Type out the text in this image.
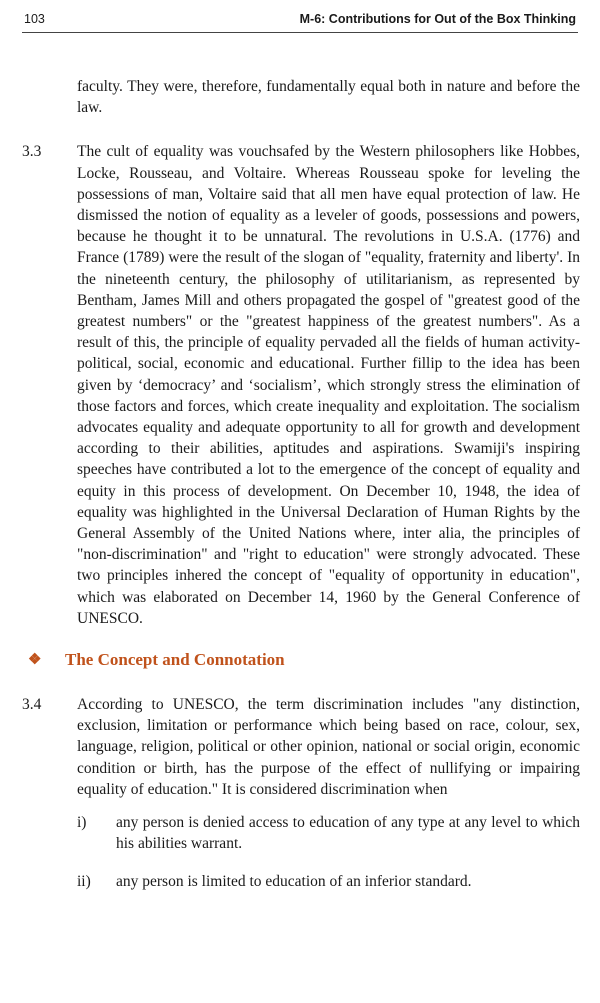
103	M-6: Contributions for Out of the Box Thinking
faculty. They were, therefore, fundamentally equal both in nature and before the law.
3.3 The cult of equality was vouchsafed by the Western philosophers like Hobbes, Locke, Rousseau, and Voltaire. Whereas Rousseau spoke for leveling the possessions of man, Voltaire said that all men have equal protection of law. He dismissed the notion of equality as a leveler of goods, possessions and powers, because he thought it to be unnatural. The revolutions in U.S.A. (1776) and France (1789) were the result of the slogan of "equality, fraternity and liberty'. In the nineteenth century, the philosophy of utilitarianism, as represented by Bentham, James Mill and others propagated the gospel of "greatest good of the greatest numbers" or the "greatest happiness of the greatest numbers". As a result of this, the principle of equality pervaded all the fields of human activity-political, social, economic and educational. Further fillip to the idea has been given by ‘democracy’ and ‘socialism’, which strongly stress the elimination of those factors and forces, which create inequality and exploitation. The socialism advocates equality and adequate opportunity to all for growth and development according to their abilities, aptitudes and aspirations. Swamiji's inspiring speeches have contributed a lot to the emergence of the concept of equality and equity in this process of development. On December 10, 1948, the idea of equality was highlighted in the Universal Declaration of Human Rights by the General Assembly of the United Nations where, inter alia, the principles of "non-discrimination" and "right to education" were strongly advocated. These two principles inhered the concept of "equality of opportunity in education", which was elaborated on December 14, 1960 by the General Conference of UNESCO.
❖ The Concept and Connotation
3.4 According to UNESCO, the term discrimination includes "any distinction, exclusion, limitation or performance which being based on race, colour, sex, language, religion, political or other opinion, national or social origin, economic condition or birth, has the purpose of the effect of nullifying or impairing equality of education." It is considered discrimination when
i) any person is denied access to education of any type at any level to which his abilities warrant.
ii) any person is limited to education of an inferior standard.
